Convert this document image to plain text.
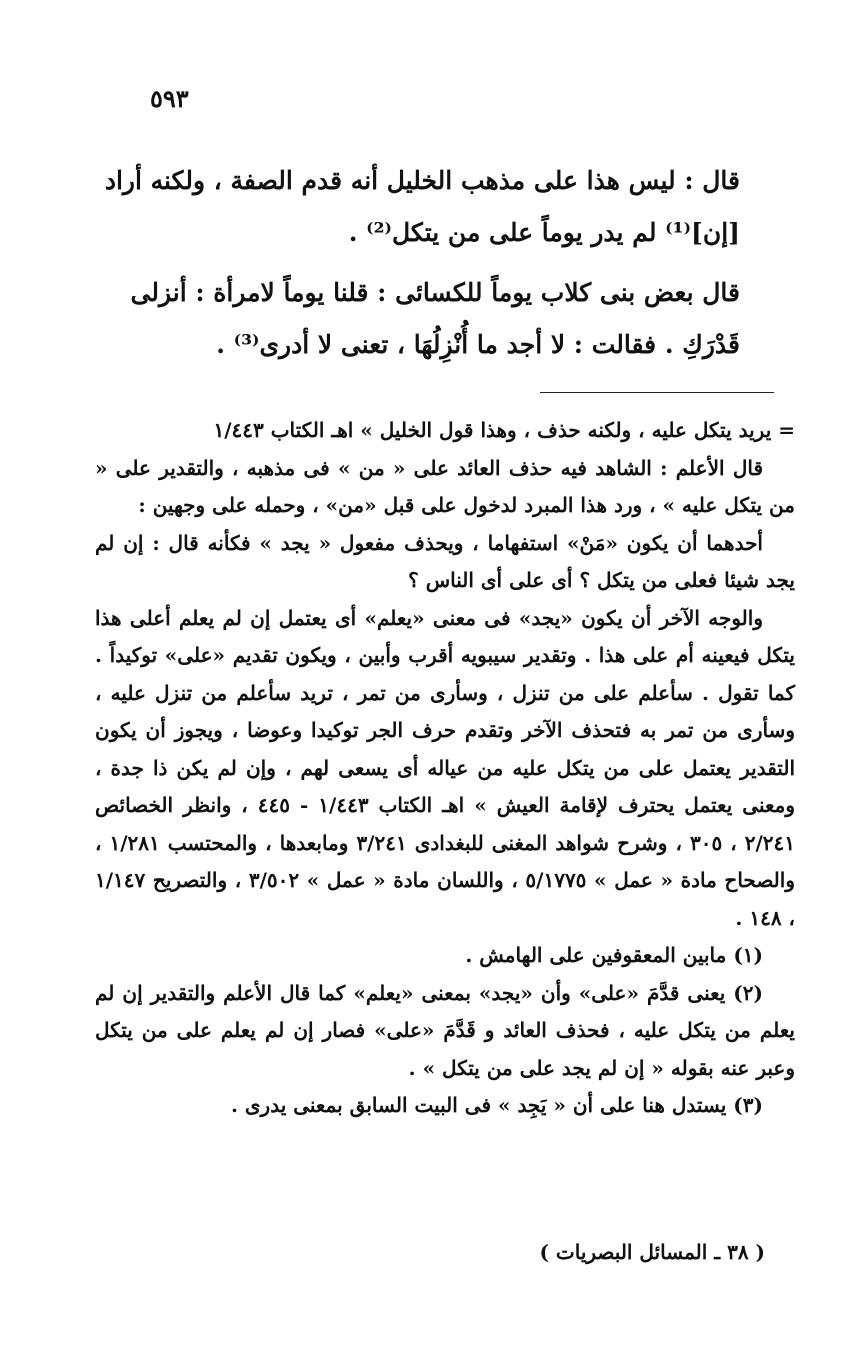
٥٩٣

قال : ليس هذا على مذهب الخليل أنه قدم الصفة ، ولكنه أراد [إن]⁽¹⁾ لم يدر يوماً على من يتكل⁽²⁾ .

قال بعض بنى كلاب يوماً للكسائى : قلنا يوماً لامرأة : أنزلى قَدْرَكِ . فقالت : لا أجد ما أُنْزِلُهَا ، تعنى لا أدرى⁽³⁾ .

= يريد يتكل عليه ، ولكنه حذف ، وهذا قول الخليل » اهـ الكتاب ١/٤٤٣

قال الأعلم : الشاهد فيه حذف العائد على « من » فى مذهبه ، والتقدير على « من يتكل عليه » ، ورد هذا المبرد لدخول على قبل «من» ، وحمله على وجهين :

أحدهما أن يكون «مَنْ» استفهاما ، ويحذف مفعول « يجد » فكأنه قال : إن لم يجد شيئا فعلى من يتكل ؟ أى على أى الناس ؟

والوجه الآخر أن يكون «يجد» فى معنى «يعلم» أى يعتمل إن لم يعلم أعلى هذا يتكل فيعينه أم على هذا . وتقدير سيبويه أقرب وأبين ، ويكون تقديم «على» توكيداً . كما تقول . سأعلم على من تنزل ، وسأرى من تمر ، تريد سأعلم من تنزل عليه ، وسأرى من تمر به فتحذف الآخر وتقدم حرف الجر توكيدا وعوضا ، ويجوز أن يكون التقدير يعتمل على من يتكل عليه من عياله أى يسعى لهم ، وإن لم يكن ذا جدة ، ومعنى يعتمل يحترف لإقامة العيش » اهـ الكتاب ١/٤٤٣ - ٤٤٥ ، وانظر الخصائص ٢/٢٤١ ، ٣٠٥ ، وشرح شواهد المغنى للبغدادى ٣/٢٤١ ومابعدها ، والمحتسب ١/٢٨١ ، والصحاح مادة « عمل » ٥/١٧٧٥ ، واللسان مادة « عمل » ٣/٥٠٢ ، والتصريح ١/١٤٧ ، ١٤٨ .

(١) مابين المعقوفين على الهامش .

(٢) يعنى قدَّمَ «على» وأن «يجد» بمعنى «يعلم» كما قال الأعلم والتقدير إن لم يعلم من يتكل عليه ، فحذف العائد و قَدَّمَ «على» فصار إن لم يعلم على من يتكل وعبر عنه بقوله « إن لم يجد على من يتكل » .

(٣) يستدل هنا على أن « يَجِد » فى البيت السابق بمعنى يدرى .

( ٣٨ ـ المسائل البصريات )
